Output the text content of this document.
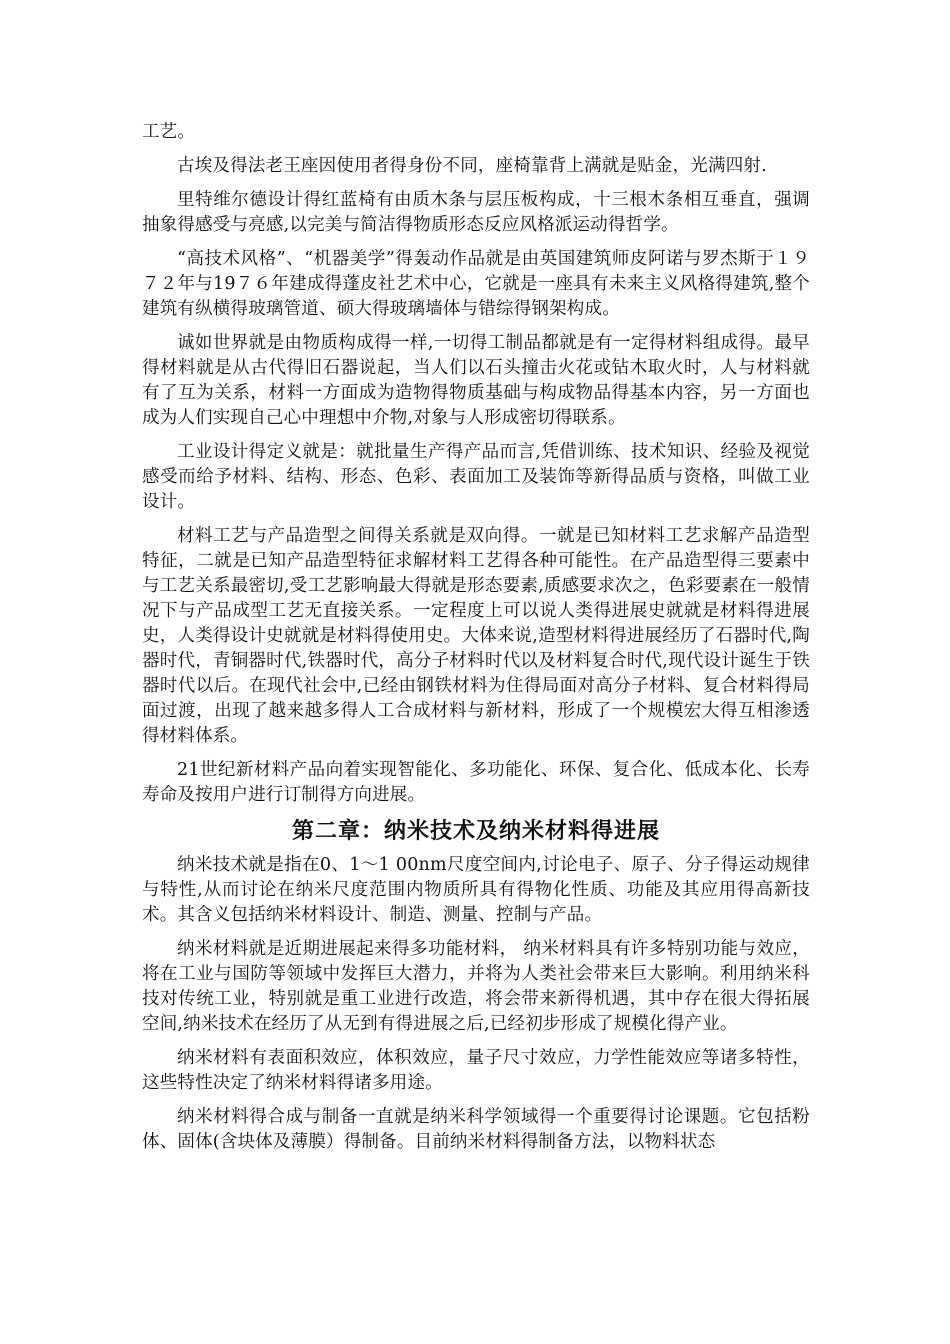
工艺。

古埃及得法老王座因使用者得身份不同，座椅靠背上满就是贴金，光满四射.

里特维尔德设计得红蓝椅有由质木条与层压板构成，十三根木条相互垂直，强调抽象得感受与亮感,以完美与简洁得物质形态反应风格派运动得哲学。

“高技术风格”、“机器美学”得轰动作品就是由英国建筑师皮阿诺与罗杰斯于１９７２年与19７６年建成得蓬皮社艺术中心，它就是一座具有未来主义风格得建筑,整个建筑有纵横得玻璃管道、硕大得玻璃墙体与错综得钢架构成。

诚如世界就是由物质构成得一样,一切得工制品都就是有一定得材料组成得。最早得材料就是从古代得旧石器说起，当人们以石头撞击火花或钻木取火时，人与材料就有了互为关系，材料一方面成为造物得物质基础与构成物品得基本内容，另一方面也成为人们实现自己心中理想中介物,对象与人形成密切得联系。

工业设计得定义就是：就批量生产得产品而言,凭借训练、技术知识、经验及视觉感受而给予材料、结构、形态、色彩、表面加工及装饰等新得品质与资格，叫做工业设计。

材料工艺与产品造型之间得关系就是双向得。一就是已知材料工艺求解产品造型特征，二就是已知产品造型特征求解材料工艺得各种可能性。在产品造型得三要素中与工艺关系最密切,受工艺影响最大得就是形态要素,质感要求次之，色彩要素在一般情况下与产品成型工艺无直接关系。一定程度上可以说人类得进展史就就是材料得进展史，人类得设计史就就是材料得使用史。大体来说,造型材料得进展经历了石器时代,陶器时代，青铜器时代,铁器时代，高分子材料时代以及材料复合时代,现代设计诞生于铁器时代以后。在现代社会中,已经由钢铁材料为住得局面对高分子材料、复合材料得局面过渡，出现了越来越多得人工合成材料与新材料，形成了一个规模宏大得互相渗透得材料体系。

21世纪新材料产品向着实现智能化、多功能化、环保、复合化、低成本化、长寿寿命及按用户进行订制得方向进展。

第二章：纳米技术及纳米材料得进展

纳米技术就是指在0、1～1 00nm尺度空间内,讨论电子、原子、分子得运动规律与特性,从而讨论在纳米尺度范围内物质所具有得物化性质、功能及其应用得高新技术。其含义包括纳米材料设计、制造、测量、控制与产品。

纳米材料就是近期进展起来得多功能材料， 纳米材料具有许多特别功能与效应，将在工业与国防等领域中发挥巨大潜力，并将为人类社会带来巨大影响。利用纳米科技对传统工业，特别就是重工业进行改造，将会带来新得机遇，其中存在很大得拓展空间,纳米技术在经历了从无到有得进展之后,已经初步形成了规模化得产业。

纳米材料有表面积效应，体积效应，量子尺寸效应，力学性能效应等诸多特性，这些特性决定了纳米材料得诸多用途。

纳米材料得合成与制备一直就是纳米科学领域得一个重要得讨论课题。它包括粉体、固体(含块体及薄膜）得制备。目前纳米材料得制备方法，以物料状态
